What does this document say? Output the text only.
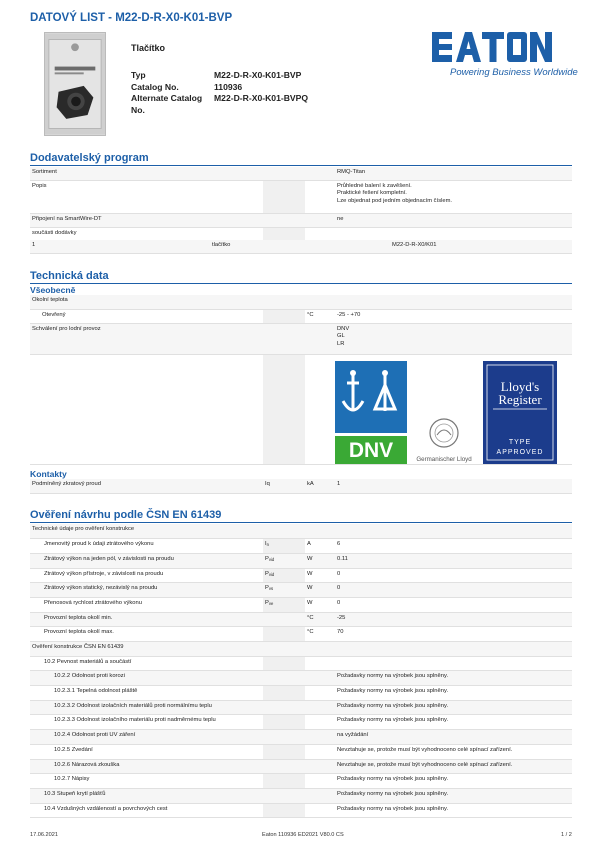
DATOVÝ LIST - M22-D-R-X0-K01-BVP
Tlačítko
Typ	M22-D-R-X0-K01-BVP
Catalog No.	110936
Alternate Catalog No.
M22-D-R-X0-K01-BVPQ
Powering Business Worldwide
Dodavatelský program
Sortiment			RMQ-Titan
Popis			Průhledné balení k zavěšení.
Praktické řešení kompletní.
Lze objednat pod jedním objednacím číslem.

Připojení na SmartWire-DT			ne
součásti dodávky			
1	tlačítko	M22-D-R-X0/K01
Technická data
Všeobecně
Okolní teplota			
Otevřený		°C	-25 - +70
Schválení pro lodní provoz			DNV
GL
LR

DNV	Germanischer Lloyd
Lloyd's
Register
TYPE
APPROVED
Kontakty
Podmíněný zkratový proud	Iq	kA	1
Ověření návrhu podle ČSN EN 61439
Technické údaje pro ověření konstrukce			
Jmenovitý proud k údaji ztrátového výkonu	$I_n$	A	6
Ztrátový výkon na jeden pól, v závislosti na proudu	$P_{vid}$	W	0.11
Ztrátový výkon přístroje, v závislosti na proudu	$P_{vid}$	W	0
Ztrátový výkon statický, nezávislý na proudu	$P_{vs}$	W	0
Přenosová rychlost ztrátového výkonu	$P_{ve}$	W	0
Provozní teplota okolí min.		°C	-25
Provozní teplota okolí max.		°C	70
Ověření konstrukce ČSN EN 61439			
10.2 Pevnost materiálů a součástí			
10.2.2 Odolnost proti korozi			Požadavky normy na výrobek jsou splněny.
10.2.3.1 Tepelná odolnost pláště			Požadavky normy na výrobek jsou splněny.
10.2.3.2 Odolnost izolačních materiálů proti normálnímu teplu			Požadavky normy na výrobek jsou splněny.
10.2.3.3 Odolnost izolačního materiálu proti nadměrnému teplu			Požadavky normy na výrobek jsou splněny.
10.2.4 Odolnost proti UV záření			na vyžádání
10.2.5 Zvedání			Nevztahuje se, protože musí být vyhodnoceno celé spínací zařízení.
10.2.6 Nárazová zkouška			Nevztahuje se, protože musí být vyhodnoceno celé spínací zařízení.
10.2.7 Nápisy			Požadavky normy na výrobek jsou splněny.
10.3 Stupeň krytí plášťů			Požadavky normy na výrobek jsou splněny.
10.4 Vzdušných vzdáleností a povrchových cest			Požadavky normy na výrobek jsou splněny.
17.06.2021	Eaton 110936 ED2021 V80.0 CS	1 / 2
